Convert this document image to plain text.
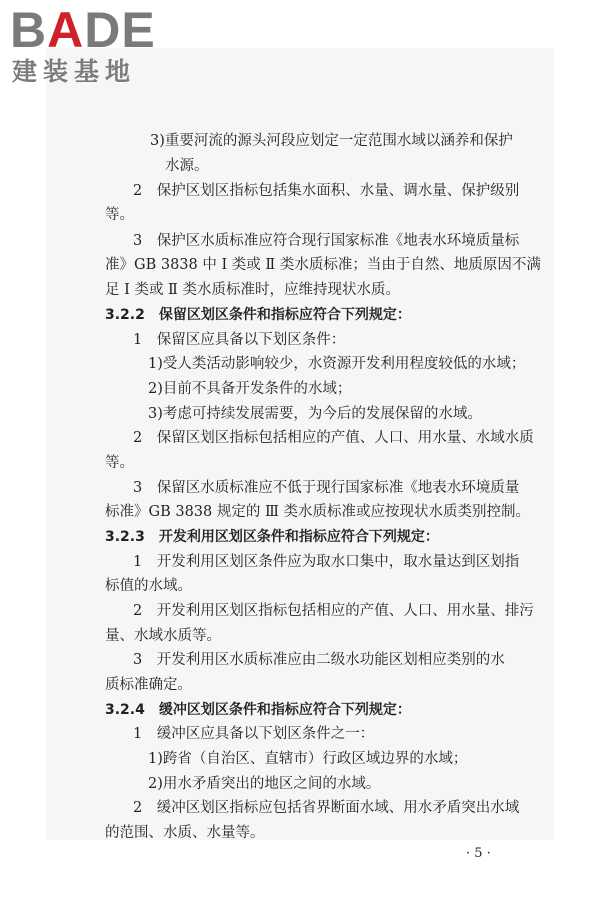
BADE
建装基地
3)重要河流的源头河段应划定一定范围水域以涵养和保护
水源。
2　保护区划区指标包括集水面积、水量、调水量、保护级别
等。
3　保护区水质标准应符合现行国家标准《地表水环境质量标
准》GB 3838 中 Ⅰ 类或 Ⅱ 类水质标准；当由于自然、地质原因不满
足 Ⅰ 类或 Ⅱ 类水质标准时，应维持现状水质。
3.2.2　保留区划区条件和指标应符合下列规定：
1　保留区应具备以下划区条件：
1)受人类活动影响较少，水资源开发利用程度较低的水域；
2)目前不具备开发条件的水域；
3)考虑可持续发展需要，为今后的发展保留的水域。
2　保留区划区指标包括相应的产值、人口、用水量、水域水质
等。
3　保留区水质标准应不低于现行国家标准《地表水环境质量
标准》GB 3838 规定的 Ⅲ 类水质标准或应按现状水质类别控制。
3.2.3　开发利用区划区条件和指标应符合下列规定：
1　开发利用区划区条件应为取水口集中，取水量达到区划指
标值的水域。
2　开发利用区划区指标包括相应的产值、人口、用水量、排污
量、水域水质等。
3　开发利用区水质标准应由二级水功能区划相应类别的水
质标准确定。
3.2.4　缓冲区划区条件和指标应符合下列规定：
1　缓冲区应具备以下划区条件之一：
1)跨省（自治区、直辖市）行政区域边界的水域；
2)用水矛盾突出的地区之间的水域。
2　缓冲区划区指标应包括省界断面水域、用水矛盾突出水域
的范围、水质、水量等。
· 5 ·
